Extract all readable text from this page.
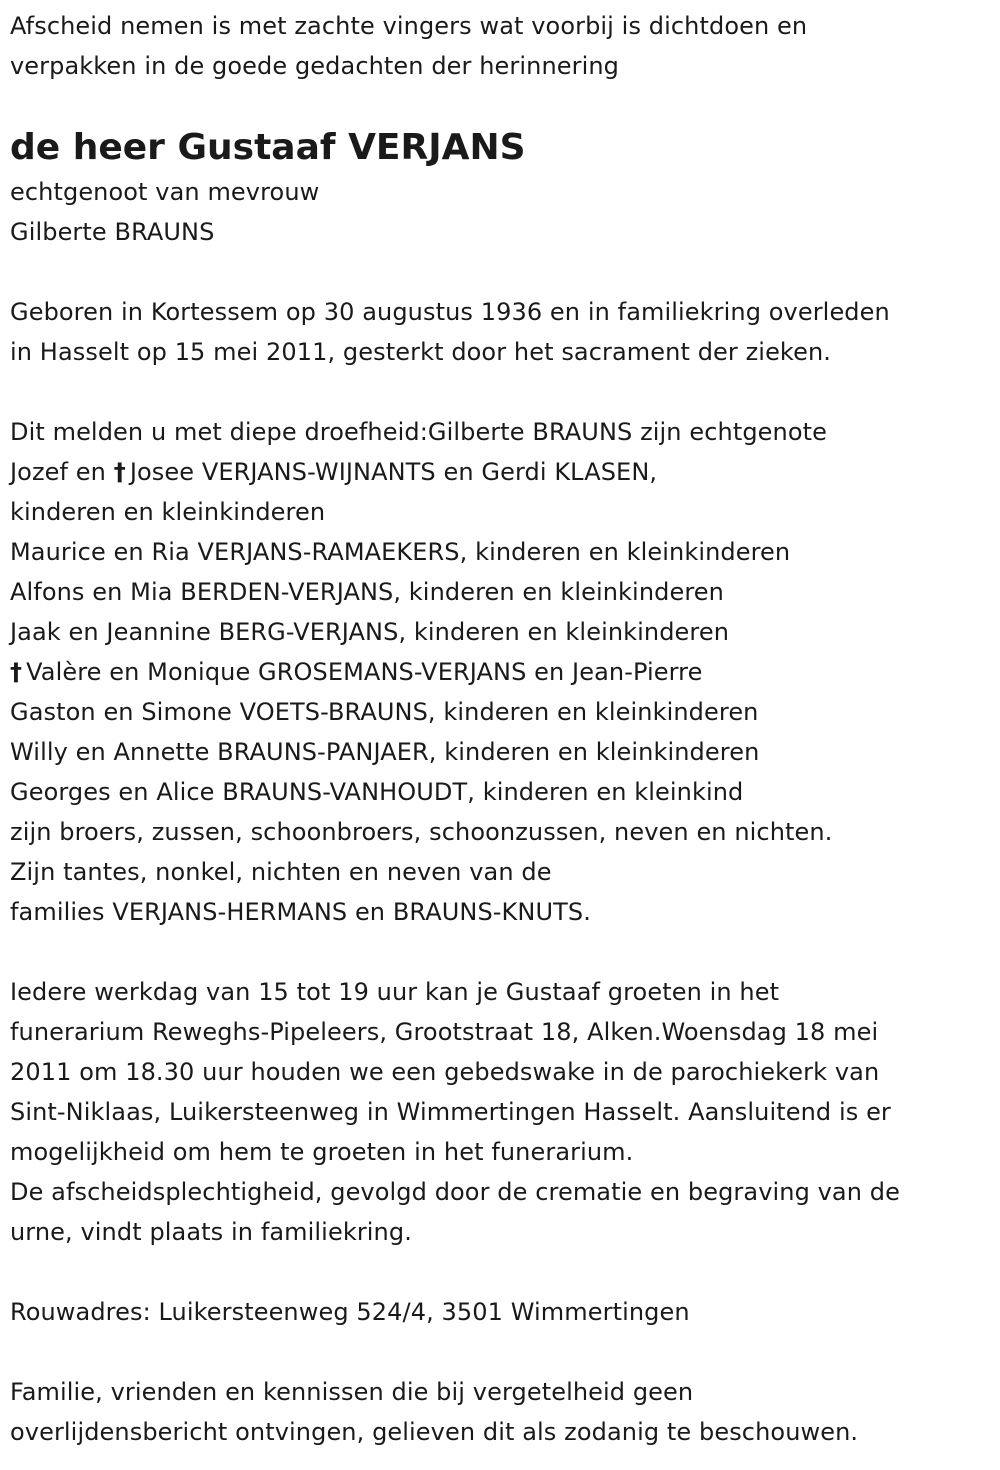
Afscheid nemen is met zachte vingers wat voorbij is dichtdoen en
verpakken in de goede gedachten der herinnering
de heer Gustaaf VERJANS
echtgenoot van mevrouw
Gilberte BRAUNS
Geboren in Kortessem op 30 augustus 1936 en in familiekring overleden
in Hasselt op 15 mei 2011, gesterkt door het sacrament der zieken.
Dit melden u met diepe droefheid:Gilberte BRAUNS zijn echtgenote
Jozef en † Josee VERJANS-WIJNANTS en Gerdi KLASEN,
kinderen en kleinkinderen
Maurice en Ria VERJANS-RAMAEKERS, kinderen en kleinkinderen
Alfons en Mia BERDEN-VERJANS, kinderen en kleinkinderen
Jaak en Jeannine BERG-VERJANS, kinderen en kleinkinderen
† Valère en Monique GROSEMANS-VERJANS en Jean-Pierre
Gaston en Simone VOETS-BRAUNS, kinderen en kleinkinderen
Willy en Annette BRAUNS-PANJAER, kinderen en kleinkinderen
Georges en Alice BRAUNS-VANHOUDT, kinderen en kleinkind
zijn broers, zussen, schoonbroers, schoonzussen, neven en nichten.
Zijn tantes, nonkel, nichten en neven van de
families VERJANS-HERMANS en BRAUNS-KNUTS.
Iedere werkdag van 15 tot 19 uur kan je Gustaaf groeten in het
funerarium Reweghs-Pipeleers, Grootstraat 18, Alken.Woensdag 18 mei
2011 om 18.30 uur houden we een gebedswake in de parochiekerk van
Sint-Niklaas, Luikersteenweg in Wimmertingen Hasselt. Aansluitend is er
mogelijkheid om hem te groeten in het funerarium.
De afscheidsplechtigheid, gevolgd door de crematie en begraving van de
urne, vindt plaats in familiekring.
Rouwadres: Luikersteenweg 524/4, 3501 Wimmertingen
Familie, vrienden en kennissen die bij vergetelheid geen
overlijdensbericht ontvingen, gelieven dit als zodanig te beschouwen.
